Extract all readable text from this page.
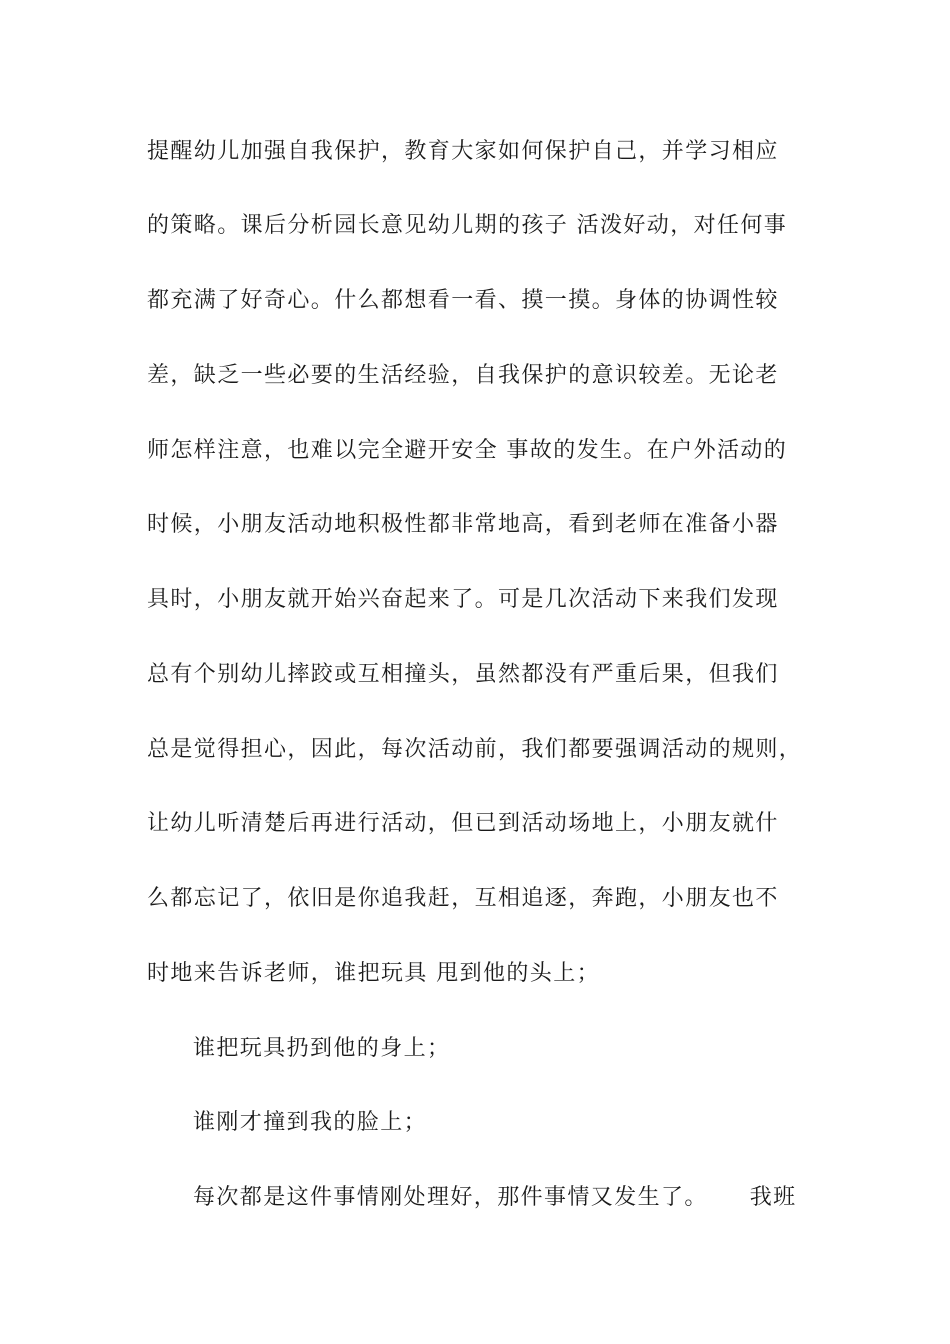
提醒幼儿加强自我保护，教育大家如何保护自己，并学习相应
的策略。课后分析园长意见幼儿期的孩子 活泼好动，对任何事
都充满了好奇心。什么都想看一看、摸一摸。身体的协调性较
差，缺乏一些必要的生活经验，自我保护的意识较差。无论老
师怎样注意，也难以完全避开安全 事故的发生。在户外活动的
时候，小朋友活动地积极性都非常地高，看到老师在准备小器
具时，小朋友就开始兴奋起来了。可是几次活动下来我们发现
总有个别幼儿摔跤或互相撞头，虽然都没有严重后果，但我们
总是觉得担心，因此，每次活动前，我们都要强调活动的规则，
让幼儿听清楚后再进行活动，但已到活动场地上，小朋友就什
么都忘记了，依旧是你追我赶，互相追逐，奔跑，小朋友也不
时地来告诉老师，谁把玩具 甩到他的头上；
谁把玩具扔到他的身上；
谁刚才撞到我的脸上；
每次都是这件事情刚处理好，那件事情又发生了。     我班
